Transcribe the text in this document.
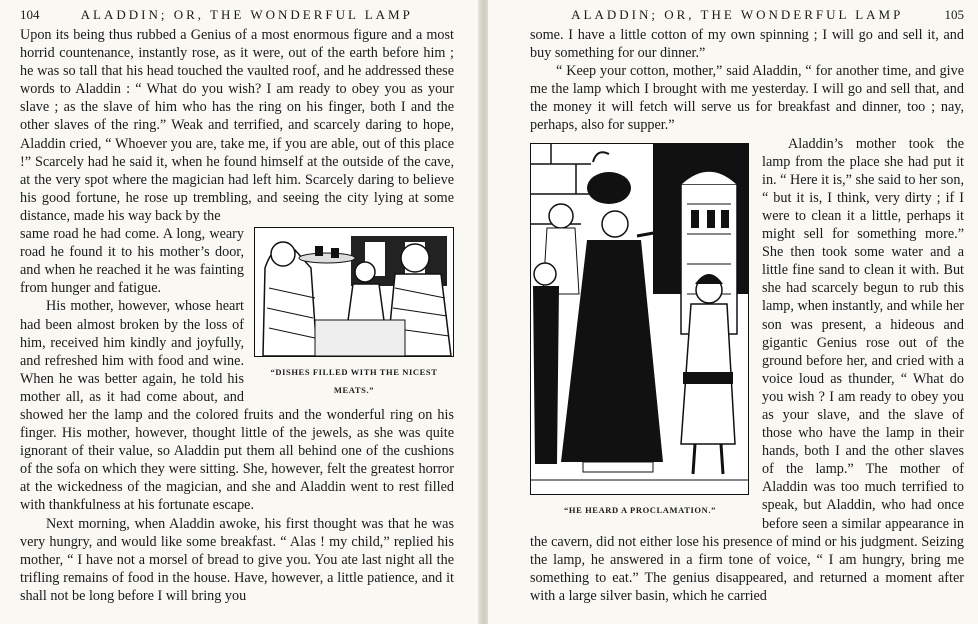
104	ALADDIN; OR, THE WONDERFUL LAMP

Upon its being thus rubbed a Genius of a most enormous figure and a most horrid countenance, instantly rose, as it were, out of the earth before him ; he was so tall that his head touched the vaulted roof, and he addressed these words to Aladdin : “ What do you wish? I am ready to obey you as your slave ; as the slave of him who has the ring on his finger, both I and the other slaves of the ring.” Weak and terrified, and scarcely daring to hope, Aladdin cried, “ Whoever you are, take me, if you are able, out of this place !” Scarcely had he said it, when he found himself at the outside of the cave, at the very spot where the magician had left him. Scarcely daring to believe his good fortune, he rose up trembling, and seeing the city lying at some distance, made his way back by the

“DISHES FILLED WITH THE NICEST MEATS.”

same road he had come. A long, weary road he found it to his mother’s door, and when he reached it he was fainting from hunger and fatigue.

His mother, however, whose heart had been almost broken by the loss of him, received him kindly and joyfully, and refreshed him with food and wine. When he was better again, he told his mother all, as it had come about, and showed her the lamp and the colored fruits and the wonderful ring on his finger. His mother, however, thought little of the jewels, as she was quite ignorant of their value, so Aladdin put them all behind one of the cushions of the sofa on which they were sitting. She, however, felt the greatest horror at the wickedness of the magician, and she and Aladdin went to rest filled with thankfulness at his fortunate escape.

Next morning, when Aladdin awoke, his first thought was that he was very hungry, and would like some breakfast. “ Alas ! my child,” replied his mother, “ I have not a morsel of bread to give you. You ate last night all the trifling remains of food in the house. Have, however, a little patience, and it shall not be long before I will bring you

ALADDIN; OR, THE WONDERFUL LAMP	105

some. I have a little cotton of my own spinning ; I will go and sell it, and buy something for our dinner.”

“ Keep your cotton, mother,” said Aladdin, “ for another time, and give me the lamp which I brought with me yesterday. I will go and sell that, and the money it will fetch will serve us for breakfast and dinner, too ; nay, perhaps, also for supper.”

“HE HEARD A PROCLAMATION.”

Aladdin’s mother took the lamp from the place she had put it in. “ Here it is,” she said to her son, “ but it is, I think, very dirty ; if I were to clean it a little, perhaps it might sell for something more.” She then took some water and a little fine sand to clean it with. But she had scarcely begun to rub this lamp, when instantly, and while her son was present, a hideous and gigantic Genius rose out of the ground before her, and cried with a voice loud as thunder, “ What do you wish ? I am ready to obey you as your slave, and the slave of those who have the lamp in their hands, both I and the other slaves of the lamp.” The mother of Aladdin was too much terrified to speak, but Aladdin, who had once before seen a similar appearance in the cavern, did not either lose his presence of mind or his judgment. Seizing the lamp, he answered in a firm tone of voice, “ I am hungry, bring me something to eat.” The genius disappeared, and returned a moment after with a large silver basin, which he carried
